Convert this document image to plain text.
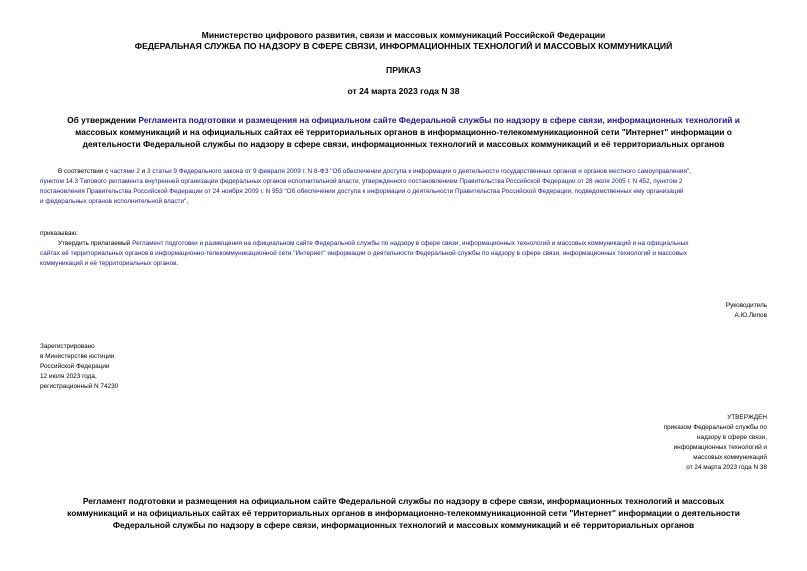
Министерство цифрового развития, связи и массовых коммуникаций Российской Федерации
ФЕДЕРАЛЬНАЯ СЛУЖБА ПО НАДЗОРУ В СФЕРЕ СВЯЗИ, ИНФОРМАЦИОННЫХ ТЕХНОЛОГИЙ И МАССОВЫХ КОММУНИКАЦИЙ
ПРИКАЗ
от 24 марта 2023 года N 38
Об утверждении Регламента подготовки и размещения на официальном сайте Федеральной службы по надзору в сфере связи, информационных технологий и
массовых коммуникаций и на официальных сайтах её территориальных органов в информационно-телекоммуникационной сети "Интернет" информации о
деятельности Федеральной службы по надзору в сфере связи, информационных технологий и массовых коммуникаций и её территориальных органов
В соответствии с частями 2 и 3 статьи 9 Федерального закона от 9 февраля 2009 г. N 8-ФЗ "Об обеспечении доступа к информации о деятельности государственных органов и органов местного самоуправления",
пунктом 14.3 Типового регламента внутренней организации федеральных органов исполнительной власти, утвержденного постановлением Правительства Российской Федерации от 28 июля 2005 г. N 452, пунктом 2
постановления Правительства Российской Федерации от 24 ноября 2009 г. N 953 "Об обеспечении доступа к информации о деятельности Правительства Российской Федерации, подведомственных ему организаций
и федеральных органов исполнительной власти",
приказываю:
Утвердить прилагаемый Регламент подготовки и размещения на официальном сайте Федеральной службы по надзору в сфере связи, информационных технологий и массовых коммуникаций и на официальных
сайтах её территориальных органов в информационно-телекоммуникационной сети "Интернет" информации о деятельности Федеральной службы по надзору в сфере связи, информационных технологий и массовых
коммуникаций и её территориальных органов.
Руководитель
А.Ю.Липов
Зарегистрировано
в Министерстве юстиции
Российской Федерации
12 июля 2023 года,
регистрационный N 74230
УТВЕРЖДЕН
приказом Федеральной службы по
надзору в сфере связи,
информационных технологий и
массовых коммуникаций
от 24 марта 2023 года N 38
Регламент подготовки и размещения на официальном сайте Федеральной службы по надзору в сфере связи, информационных технологий и массовых
коммуникаций и на официальных сайтах её территориальных органов в информационно-телекоммуникационной сети "Интернет" информации о деятельности
Федеральной службы по надзору в сфере связи, информационных технологий и массовых коммуникаций и её территориальных органов
